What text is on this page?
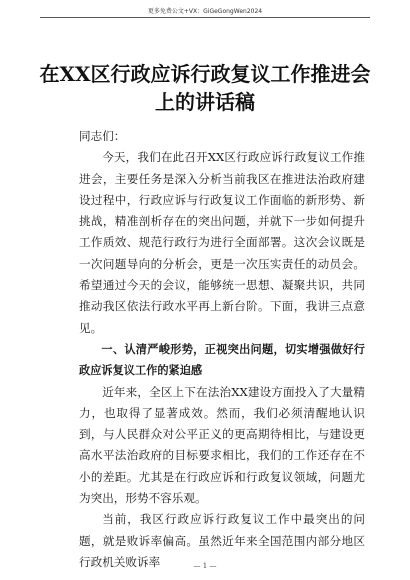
更多免费公文+VX：GiGeGongWen2024
在XX区行政应诉行政复议工作推进会上的讲话稿

同志们：

今天，我们在此召开XX区行政应诉行政复议工作推进会，主要任务是深入分析当前我区在推进法治政府建设过程中，行政应诉与行政复议工作面临的新形势、新挑战，精准剖析存在的突出问题，并就下一步如何提升工作质效、规范行政行为进行全面部署。这次会议既是一次问题导向的分析会，更是一次压实责任的动员会。希望通过今天的会议，能够统一思想、凝聚共识，共同推动我区依法行政水平再上新台阶。下面，我讲三点意见。

一、认清严峻形势，正视突出问题，切实增强做好行政应诉复议工作的紧迫感

近年来，全区上下在法治XX建设方面投入了大量精力，也取得了显著成效。然而，我们必须清醒地认识到，与人民群众对公平正义的更高期待相比，与建设更高水平法治政府的目标要求相比，我们的工作还存在不小的差距。尤其是在行政应诉和行政复议领域，问题尤为突出，形势不容乐观。

当前，我区行政应诉行政复议工作中最突出的问题，就是败诉率偏高。虽然近年来全国范围内部分地区行政机关败诉率	— 1 —
